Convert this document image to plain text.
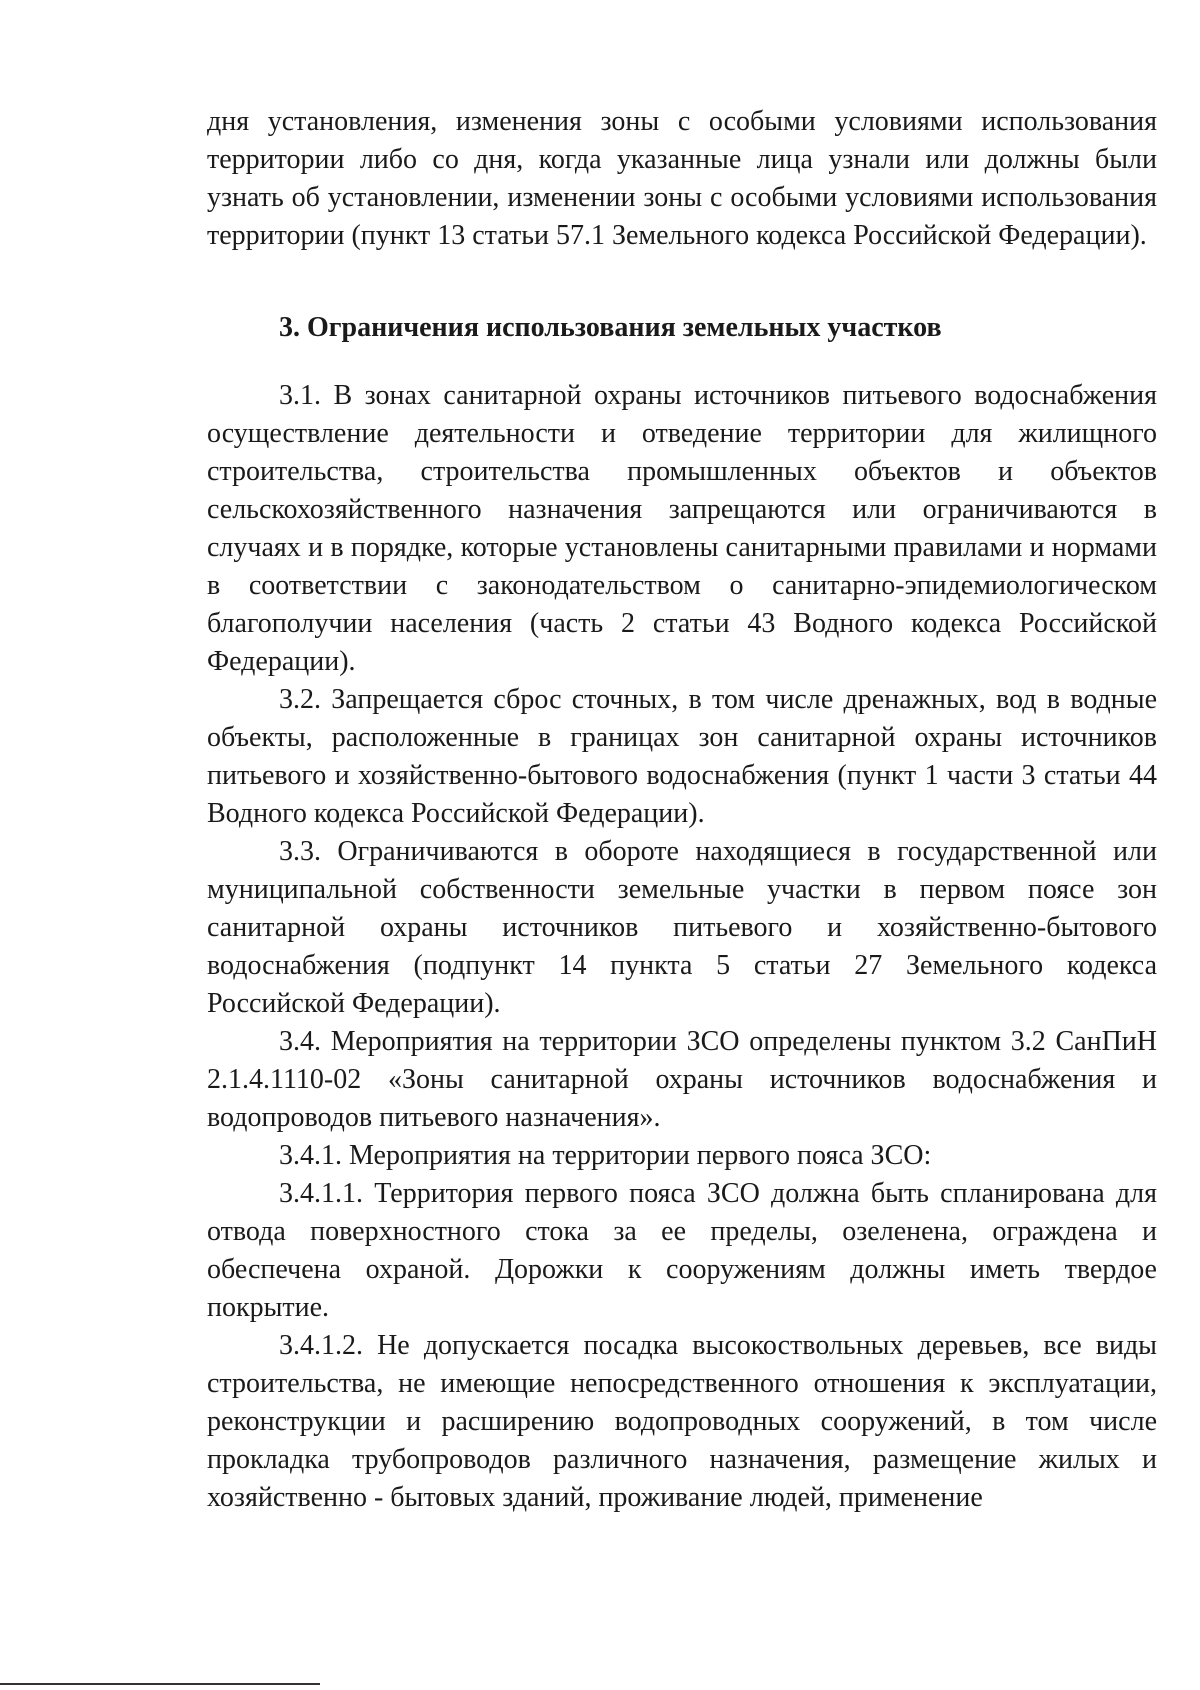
дня установления, изменения зоны с особыми условиями использования территории либо со дня, когда указанные лица узнали или должны были узнать об установлении, изменении зоны с особыми условиями использования территории (пункт 13 статьи 57.1 Земельного кодекса Российской Федерации).

3. Ограничения использования земельных участков

3.1. В зонах санитарной охраны источников питьевого водоснабжения осуществление деятельности и отведение территории для жилищного строительства, строительства промышленных объектов и объектов сельскохозяйственного назначения запрещаются или ограничиваются в случаях и в порядке, которые установлены санитарными правилами и нормами в соответствии с законодательством о санитарно-эпидемиологическом благополучии населения (часть 2 статьи 43 Водного кодекса Российской Федерации).

3.2. Запрещается сброс сточных, в том числе дренажных, вод в водные объекты, расположенные в границах зон санитарной охраны источников питьевого и хозяйственно-бытового водоснабжения (пункт 1 части 3 статьи 44 Водного кодекса Российской Федерации).

3.3. Ограничиваются в обороте находящиеся в государственной или муниципальной собственности земельные участки в первом поясе зон санитарной охраны источников питьевого и хозяйственно-бытового водоснабжения (подпункт 14 пункта 5 статьи 27 Земельного кодекса Российской Федерации).

3.4. Мероприятия на территории ЗСО определены пунктом 3.2 СанПиН 2.1.4.1110-02 «Зоны санитарной охраны источников водоснабжения и водопроводов питьевого назначения».

3.4.1. Мероприятия на территории первого пояса ЗСО:

3.4.1.1. Территория первого пояса ЗСО должна быть спланирована для отвода поверхностного стока за ее пределы, озеленена, ограждена и обеспечена охраной. Дорожки к сооружениям должны иметь твердое покрытие.

3.4.1.2. Не допускается посадка высокоствольных деревьев, все виды строительства, не имеющие непосредственного отношения к эксплуатации, реконструкции и расширению водопроводных сооружений, в том числе прокладка трубопроводов различного назначения, размещение жилых и хозяйственно - бытовых зданий, проживание людей, применение
